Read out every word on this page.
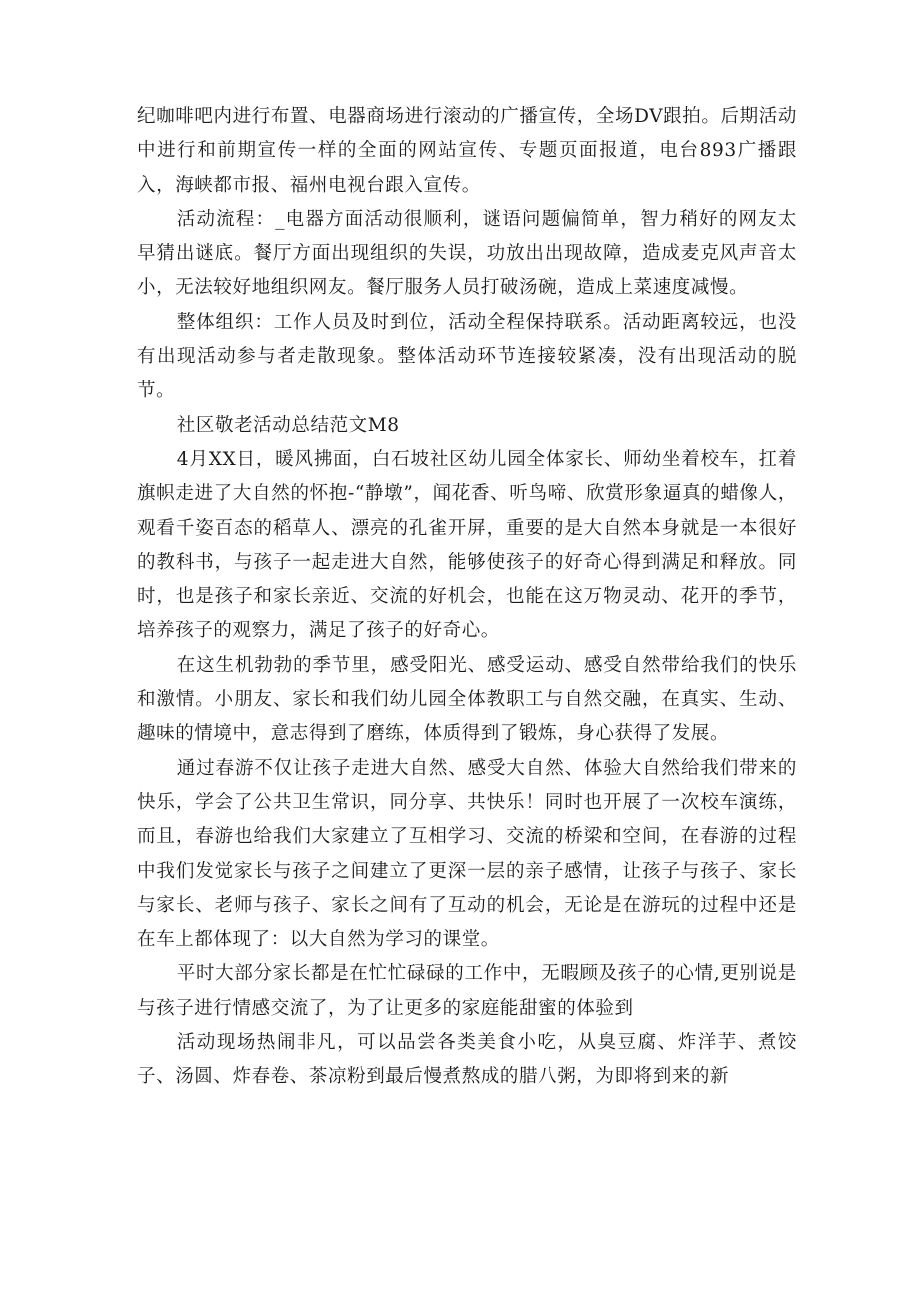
纪咖啡吧内进行布置、电器商场进行滚动的广播宣传，全场DV跟拍。后期活动中进行和前期宣传一样的全面的网站宣传、专题页面报道，电台893广播跟入，海峡都市报、福州电视台跟入宣传。

活动流程：_电器方面活动很顺利，谜语问题偏简单，智力稍好的网友太早猜出谜底。餐厅方面出现组织的失误，功放出出现故障，造成麦克风声音太小，无法较好地组织网友。餐厅服务人员打破汤碗，造成上菜速度减慢。

整体组织：工作人员及时到位，活动全程保持联系。活动距离较远，也没有出现活动参与者走散现象。整体活动环节连接较紧凑，没有出现活动的脱节。

社区敬老活动总结范文M8

4月XX日，暖风拂面，白石坡社区幼儿园全体家长、师幼坐着校车，扛着旗帜走进了大自然的怀抱-“静墩”，闻花香、听鸟啼、欣赏形象逼真的蜡像人，观看千姿百态的稻草人、漂亮的孔雀开屏，重要的是大自然本身就是一本很好的教科书，与孩子一起走进大自然，能够使孩子的好奇心得到满足和释放。同时，也是孩子和家长亲近、交流的好机会，也能在这万物灵动、花开的季节，培养孩子的观察力，满足了孩子的好奇心。

在这生机勃勃的季节里，感受阳光、感受运动、感受自然带给我们的快乐和激情。小朋友、家长和我们幼儿园全体教职工与自然交融，在真实、生动、趣味的情境中，意志得到了磨练，体质得到了锻炼，身心获得了发展。

通过春游不仅让孩子走进大自然、感受大自然、体验大自然给我们带来的快乐，学会了公共卫生常识，同分享、共快乐！同时也开展了一次校车演练，而且，春游也给我们大家建立了互相学习、交流的桥梁和空间，在春游的过程中我们发觉家长与孩子之间建立了更深一层的亲子感情，让孩子与孩子、家长与家长、老师与孩子、家长之间有了互动的机会，无论是在游玩的过程中还是在车上都体现了：以大自然为学习的课堂。

平时大部分家长都是在忙忙碌碌的工作中，无暇顾及孩子的心情,更别说是与孩子进行情感交流了，为了让更多的家庭能甜蜜的体验到

活动现场热闹非凡，可以品尝各类美食小吃，从臭豆腐、炸洋芋、煮饺子、汤圆、炸春卷、茶凉粉到最后慢煮熬成的腊八粥，为即将到来的新
